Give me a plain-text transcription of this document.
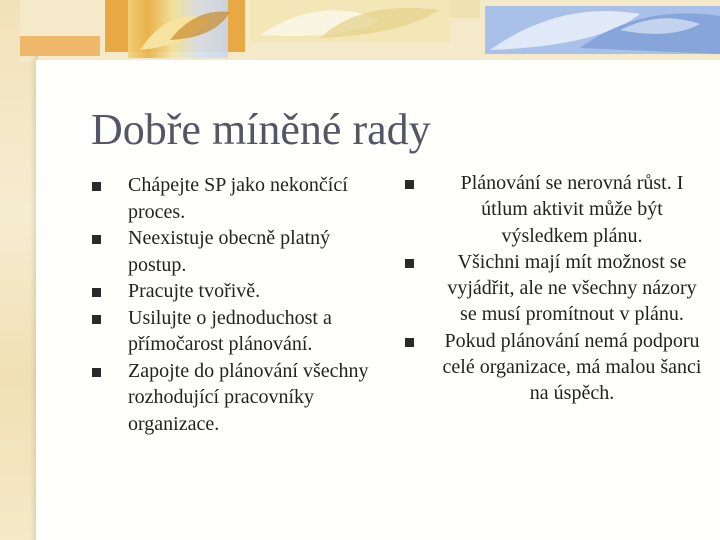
Dobře míněné rady
Chápejte SP jako nekončící proces.
Neexistuje obecně platný postup.
Pracujte tvořivě.
Usilujte o jednoduchost a přímočarost plánování.
Zapojte do plánování všechny rozhodující pracovníky organizace.
Plánování se nerovná růst. I útlum aktivit může být výsledkem plánu.
Všichni mají mít možnost se vyjádřit, ale ne všechny názory se musí promítnout v plánu.
Pokud plánování nemá podporu celé organizace, má malou šanci na úspěch.
